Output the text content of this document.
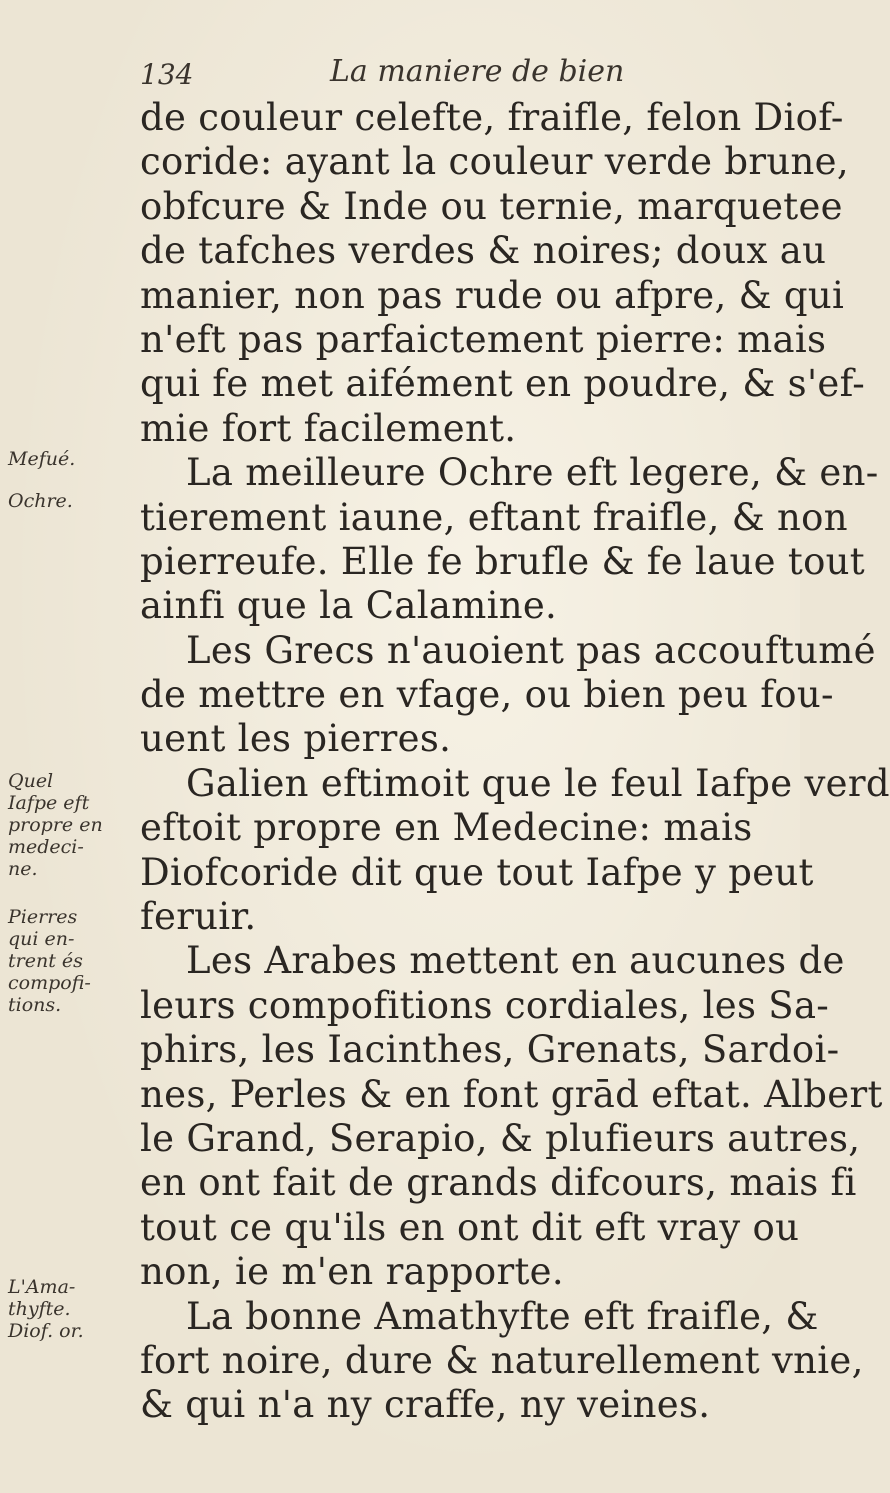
134	La maniere de bien
de couleur celefte, fraifle, felon Diof-
coride: ayant la couleur verde brune,
obfcure & Inde ou ternie, marquetee
de tafches verdes & noires; doux au
manier, non pas rude ou afpre, & qui
n'eft pas parfaictement pierre: mais
qui fe met aifément en poudre, & s'ef-
mie fort facilement.
La meilleure Ochre eft legere, & en-
tierement iaune, eftant fraifle, & non
pierreufe. Elle fe brufle & fe laue tout
ainfi que la Calamine.
Les Grecs n'auoient pas accouftumé
de mettre en vfage, ou bien peu fou-
uent les pierres.
Galien eftimoit que le feul Iafpe verd
eftoit propre en Medecine: mais
Diofcoride dit que tout Iafpe y peut
feruir.
Les Arabes mettent en aucunes de
leurs compofitions cordiales, les Sa-
phirs, les Iacinthes, Grenats, Sardoi-
nes, Perles & en font grād eftat. Albert
le Grand, Serapio, & plufieurs autres,
en ont fait de grands difcours, mais fi
tout ce qu'ils en ont dit eft vray ou
non, ie m'en rapporte.
La bonne Amathyfte eft fraifle, &
fort noire, dure & naturellement vnie,
& qui n'a ny craffe, ny veines.
Mefué.
Ochre.
Quel
Iafpe eft
propre en
medeci-
ne.
Pierres
qui en-
trent és
compofi-
tions.
L'Ama-
thyfte.
Diof. or.
